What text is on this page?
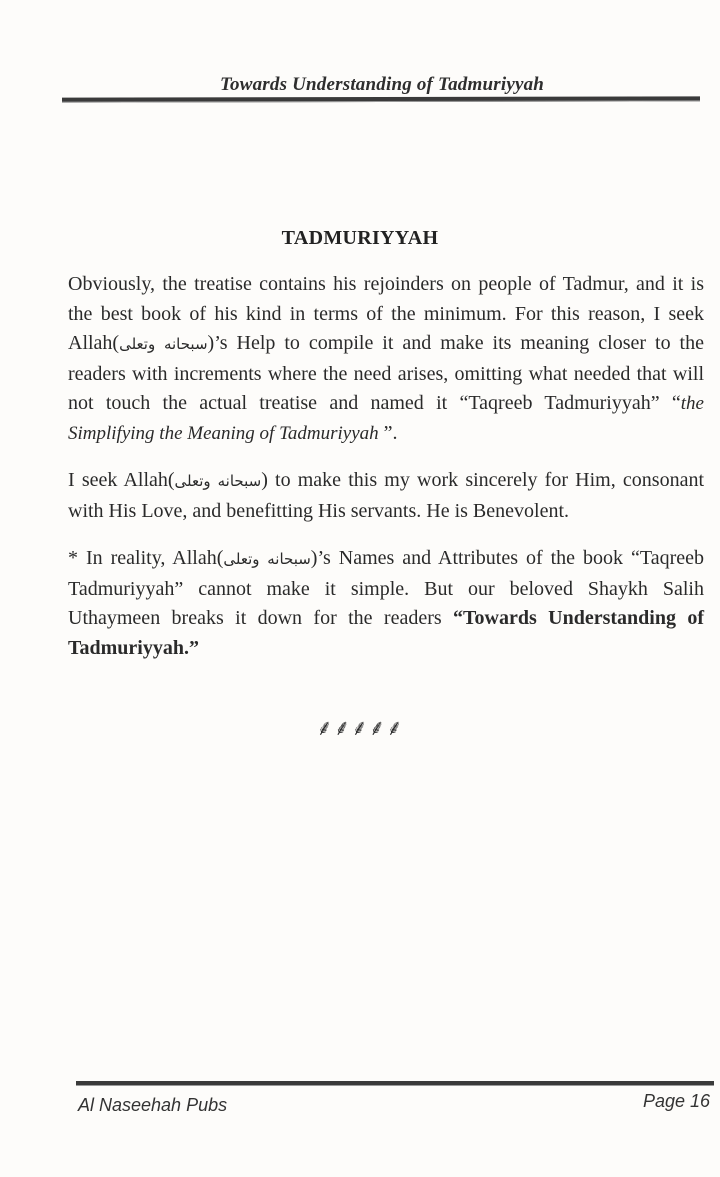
Towards Understanding of Tadmuriyyah
TADMURIYYAH

Obviously, the treatise contains his rejoinders on people of Tadmur, and it is the best book of his kind in terms of the minimum. For this reason, I seek Allah(سبحانه وتعلى)’s Help to compile it and make its meaning closer to the readers with increments where the need arises, omitting what needed that will not touch the actual treatise and named it “Taqreeb Tadmuriyyah” “the Simplifying the Meaning of Tadmuriyyah ”.

I seek Allah(سبحانه وتعلى) to make this my work sincerely for Him, consonant with His Love, and benefitting His servants. He is Benevolent.

* In reality, Allah(سبحانه وتعلى)’s Names and Attributes of the book “Taqreeb Tadmuriyyah” cannot make it simple. But our beloved Shaykh Salih Uthaymeen breaks it down for the readers “Towards Understanding of Tadmuriyyah.”

⸙⸙⸙⸙⸙
Al Naseehah Pubs	Page 16
